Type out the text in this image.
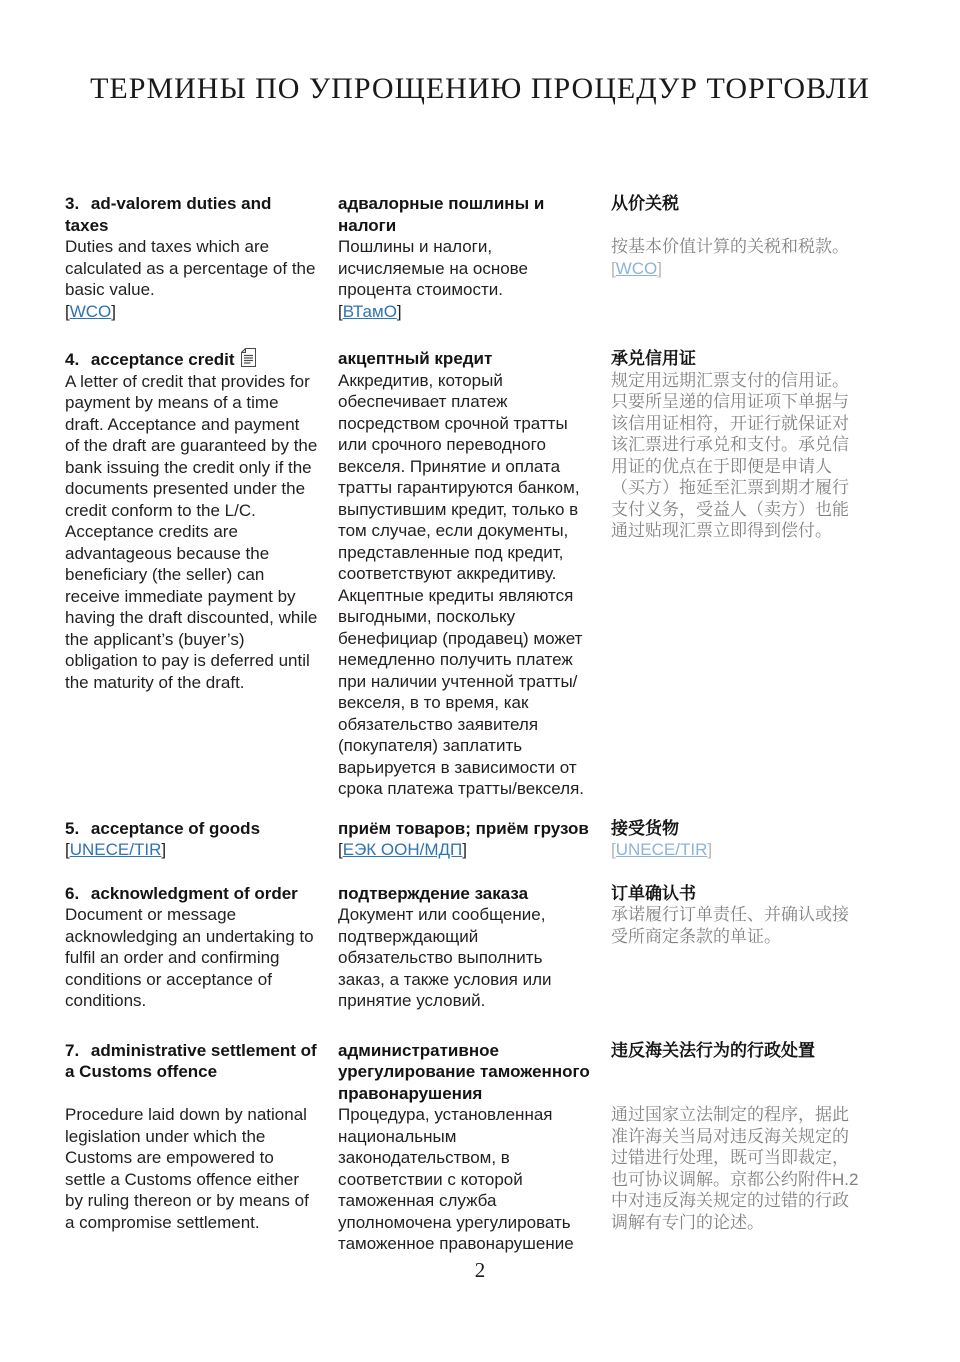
ТЕРМИНЫ ПО УПРОЩЕНИЮ ПРОЦЕДУР ТОРГОВЛИ
3. ad-valorem duties and taxes

Duties and taxes which are calculated as a percentage of the basic value.

[WCO]

адвалорные пошлины и налоги

Пошлины и налоги, исчисляемые на основе процента стоимости.

[ВТамО]

从价关税

按基本价值计算的关税和税款。

[WCO]

4. acceptance credit

A letter of credit that provides for payment by means of a time draft. Acceptance and payment of the draft are guaranteed by the bank issuing the credit only if the documents presented under the credit conform to the L/C. Acceptance credits are advantageous because the beneficiary (the seller) can receive immediate payment by having the draft discounted, while the applicant’s (buyer’s) obligation to pay is deferred until the maturity of the draft.

акцептный кредит

Аккредитив, который обеспечивает платеж посредством срочной тратты или срочного переводного векселя. Принятие и оплата тратты гарантируются банком, выпустившим кредит, только в том случае, если документы, представленные под кредит, соответствуют аккредитиву. Акцептные кредиты являются выгодными, поскольку бенефициар (продавец) может немедленно получить платеж при наличии учтенной тратты/векселя, в то время, как обязательство заявителя (покупателя) заплатить варьируется в зависимости от срока платежа тратты/векселя.

承兑信用证

规定用远期汇票支付的信用证。只要所呈递的信用证项下单据与该信用证相符，开证行就保证对该汇票进行承兑和支付。承兑信用证的优点在于即便是申请人（买方）拖延至汇票到期才履行支付义务，受益人（卖方）也能通过贴现汇票立即得到偿付。

5. acceptance of goods

[UNECE/TIR]

приём товаров; приём грузов

[ЕЭК ООН/МДП]

接受货物

[UNECE/TIR]

6. acknowledgment of order

Document or message acknowledging an undertaking to fulfil an order and confirming conditions or acceptance of conditions.

подтверждение заказа

Документ или сообщение, подтверждающий обязательство выполнить заказ, а также условия или принятие условий.

订单确认书

承诺履行订单责任、并确认或接受所商定条款的单证。

7. administrative settlement of a Customs offence

Procedure laid down by national legislation under which the Customs are empowered to settle a Customs offence either by ruling thereon or by means of a compromise settlement.

административное урегулирование таможенного правонарушения

Процедура, установленная национальным законодательством, в соответствии с которой таможенная служба уполномочена урегулировать таможенное правонарушение

违反海关法行为的行政处置

通过国家立法制定的程序，据此准许海关当局对违反海关规定的过错进行处理，既可当即裁定，也可协议调解。京都公约附件H.2中对违反海关规定的过错的行政调解有专门的论述。

2
